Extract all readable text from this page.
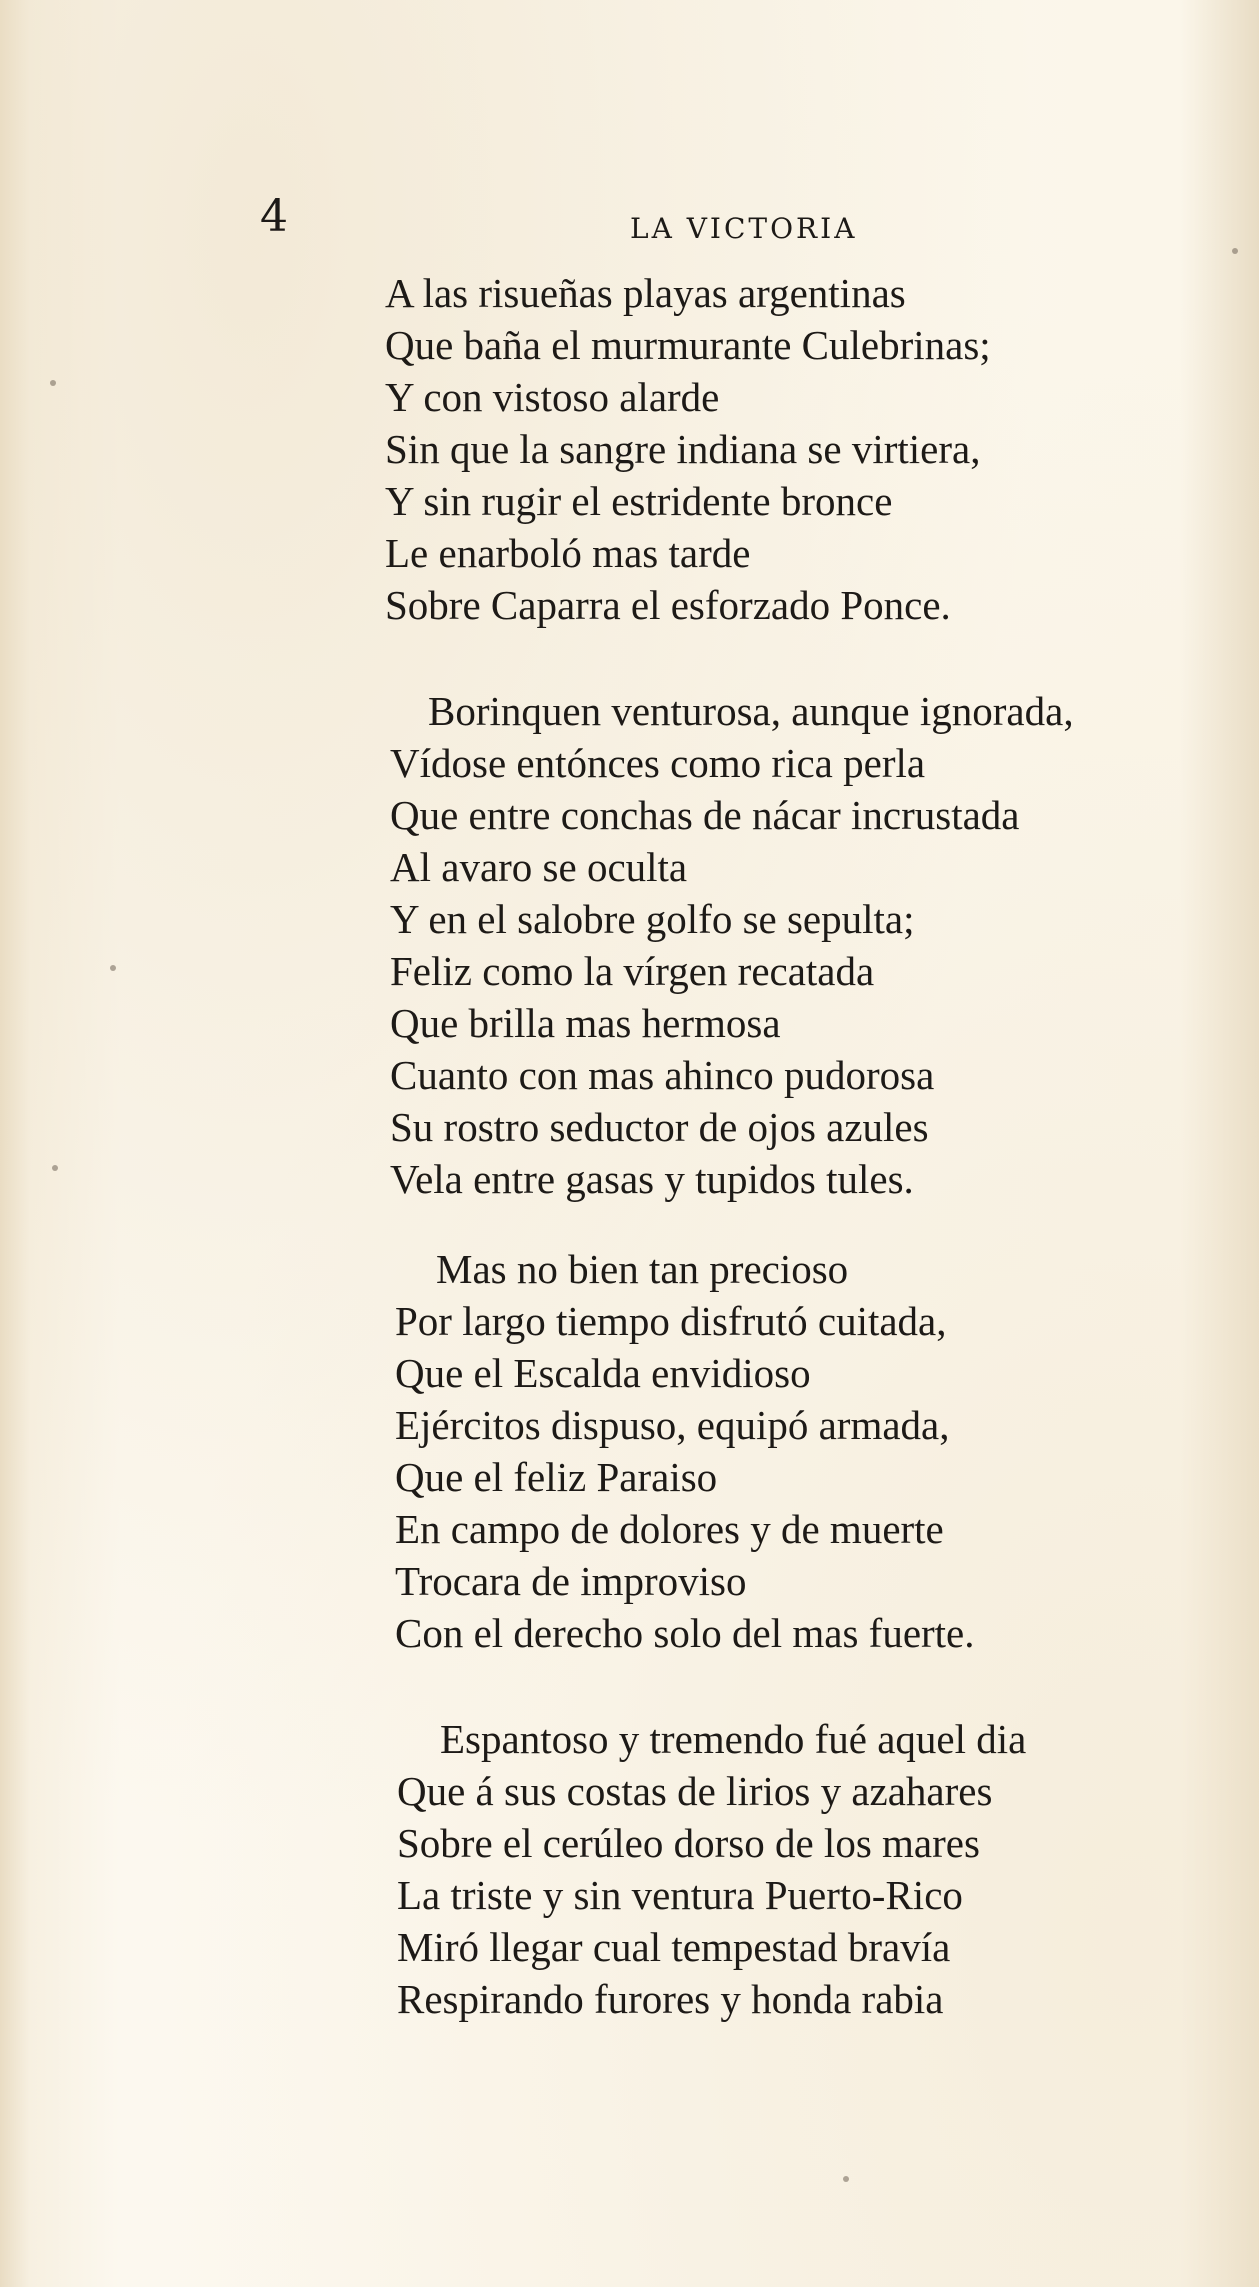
4	LA VICTORIA
A las risueñas playas argentinas
Que baña el murmurante Culebrinas;
Y con vistoso alarde
Sin que la sangre indiana se virtiera,
Y sin rugir el estridente bronce
Le enarboló mas tarde
Sobre Caparra el esforzado Ponce.
Borinquen venturosa, aunque ignorada,
Vídose entónces como rica perla
Que entre conchas de nácar incrustada
Al avaro se oculta
Y en el salobre golfo se sepulta;
Feliz como la vírgen recatada
Que brilla mas hermosa
Cuanto con mas ahinco pudorosa
Su rostro seductor de ojos azules
Vela entre gasas y tupidos tules.
Mas no bien tan precioso
Por largo tiempo disfrutó cuitada,
Que el Escalda envidioso
Ejércitos dispuso, equipó armada,
Que el feliz Paraiso
En campo de dolores y de muerte
Trocara de improviso
Con el derecho solo del mas fuerte.
Espantoso y tremendo fué aquel dia
Que á sus costas de lirios y azahares
Sobre el cerúleo dorso de los mares
La triste y sin ventura Puerto-Rico
Miró llegar cual tempestad bravía
Respirando furores y honda rabia
